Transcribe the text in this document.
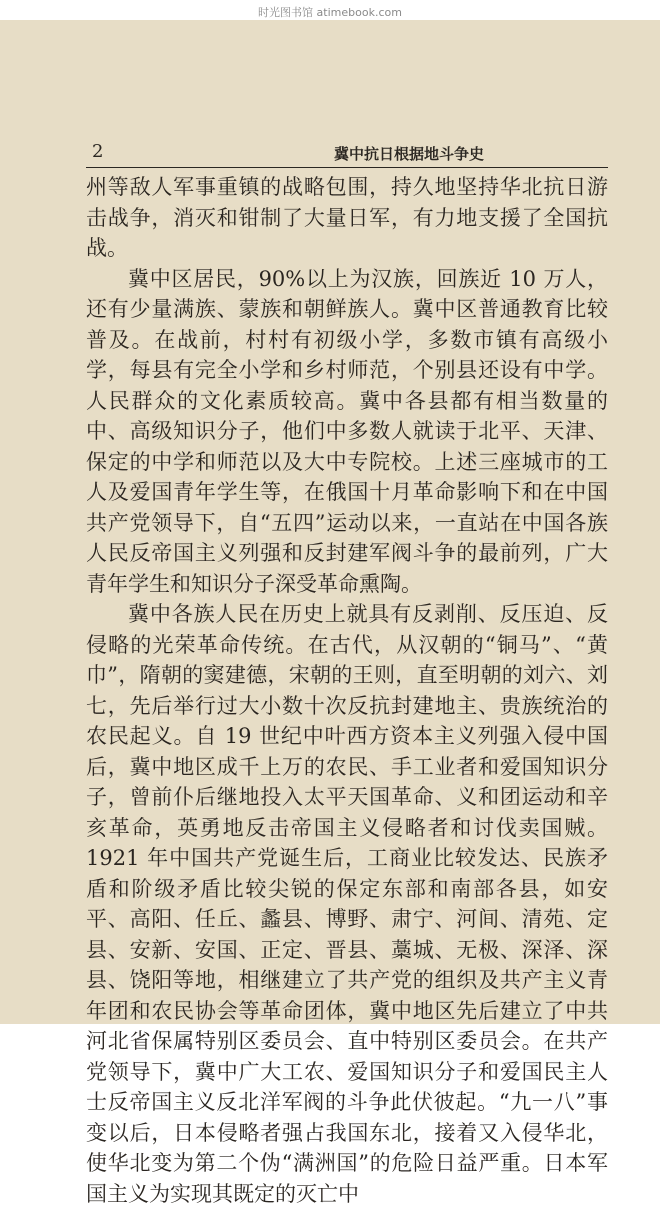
时光图书馆 atimebook.com
2	冀中抗日根据地斗争史

州等敌人军事重镇的战略包围，持久地坚持华北抗日游击战争，消灭和钳制了大量日军，有力地支援了全国抗战。

冀中区居民，90%以上为汉族，回族近 10 万人，还有少量满族、蒙族和朝鲜族人。冀中区普通教育比较普及。在战前，村村有初级小学，多数市镇有高级小学，每县有完全小学和乡村师范，个别县还设有中学。人民群众的文化素质较高。冀中各县都有相当数量的中、高级知识分子，他们中多数人就读于北平、天津、保定的中学和师范以及大中专院校。上述三座城市的工人及爱国青年学生等，在俄国十月革命影响下和在中国共产党领导下，自“五四”运动以来，一直站在中国各族人民反帝国主义列强和反封建军阀斗争的最前列，广大青年学生和知识分子深受革命熏陶。

冀中各族人民在历史上就具有反剥削、反压迫、反侵略的光荣革命传统。在古代，从汉朝的“铜马”、“黄巾”，隋朝的窦建德，宋朝的王则，直至明朝的刘六、刘七，先后举行过大小数十次反抗封建地主、贵族统治的农民起义。自 19 世纪中叶西方资本主义列强入侵中国后，冀中地区成千上万的农民、手工业者和爱国知识分子，曾前仆后继地投入太平天国革命、义和团运动和辛亥革命，英勇地反击帝国主义侵略者和讨伐卖国贼。1921 年中国共产党诞生后，工商业比较发达、民族矛盾和阶级矛盾比较尖锐的保定东部和南部各县，如安平、高阳、任丘、蠡县、博野、肃宁、河间、清苑、定县、安新、安国、正定、晋县、藁城、无极、深泽、深县、饶阳等地，相继建立了共产党的组织及共产主义青年团和农民协会等革命团体，冀中地区先后建立了中共河北省保属特别区委员会、直中特别区委员会。在共产党领导下，冀中广大工农、爱国知识分子和爱国民主人士反帝国主义反北洋军阀的斗争此伏彼起。“九一八”事变以后，日本侵略者强占我国东北，接着又入侵华北，使华北变为第二个伪“满洲国”的危险日益严重。日本军国主义为实现其既定的灭亡中
